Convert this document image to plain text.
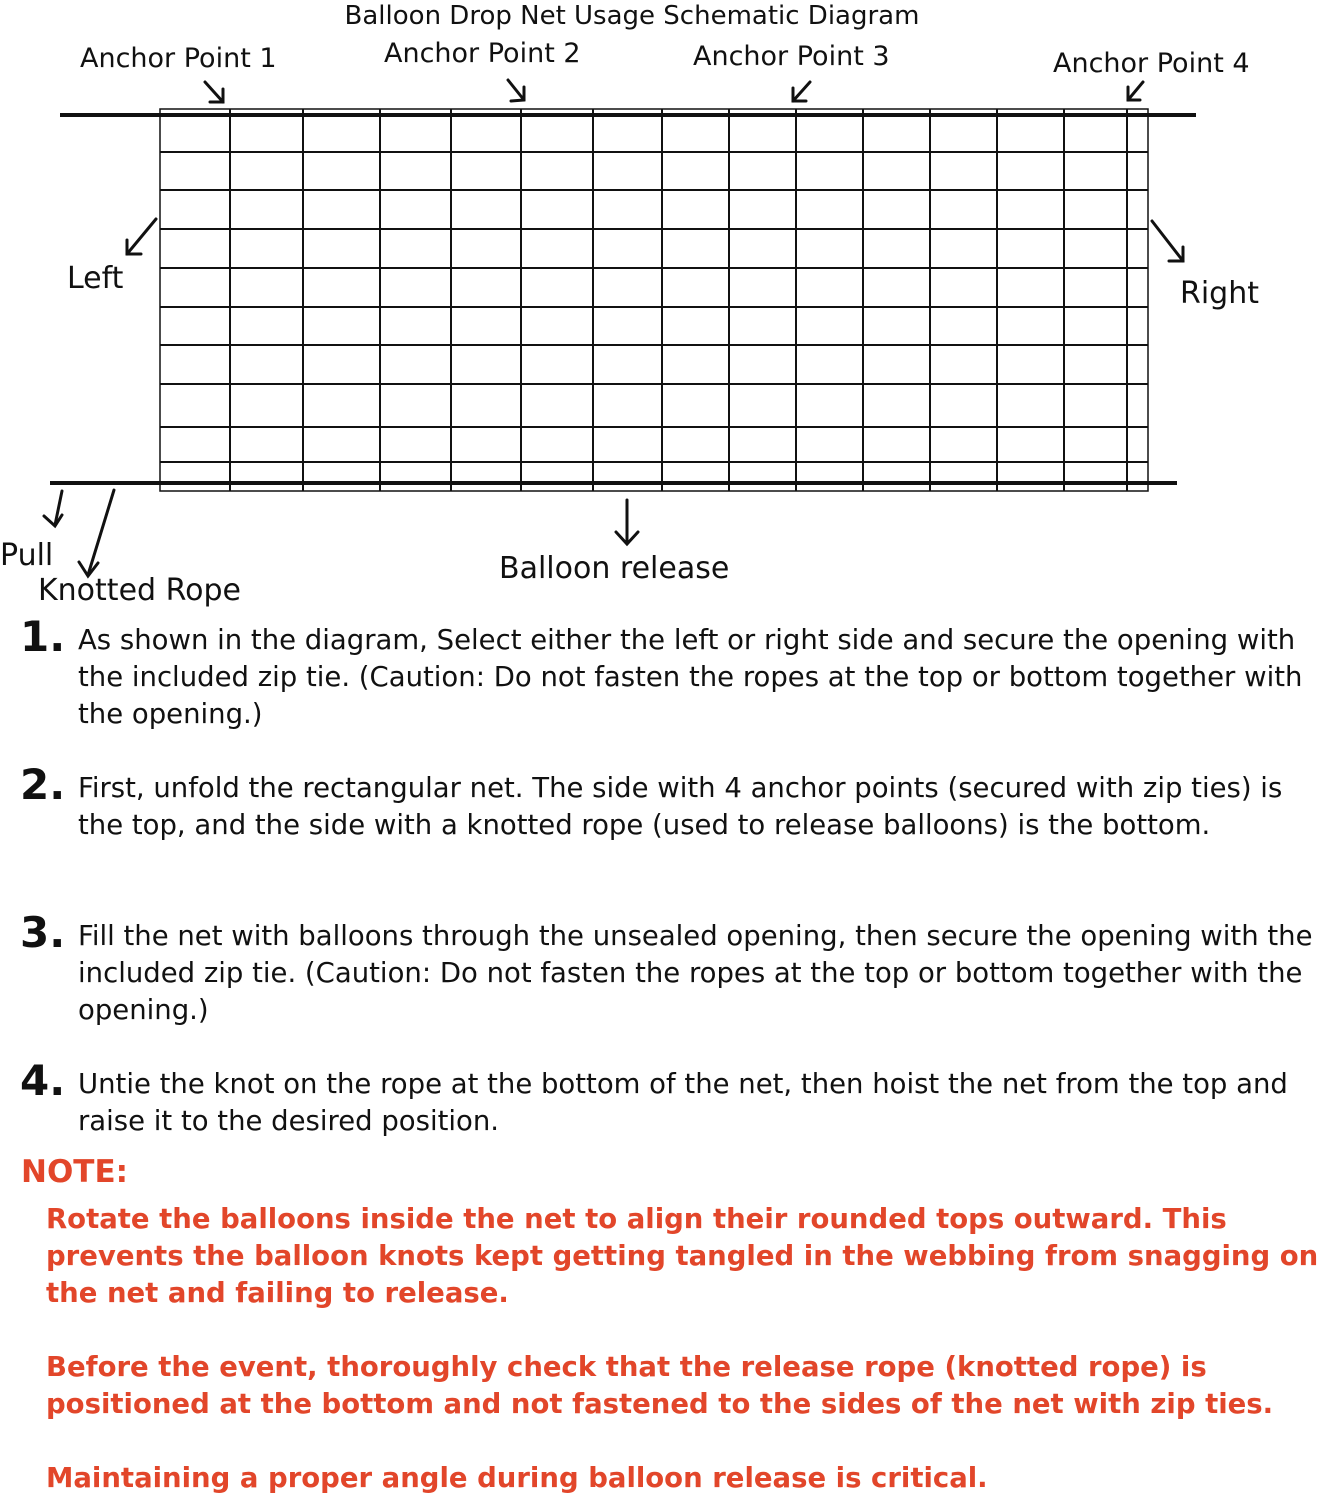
Balloon Drop Net Usage Schematic Diagram
Anchor Point 1	Anchor Point 2	Anchor Point 3	Anchor Point 4
Left	Right
Pull
Knotted Rope
Balloon release
1. As shown in the diagram, Select either the left or right side and secure the opening with the included zip tie. (Caution: Do not fasten the ropes at the top or bottom together with the opening.)
2. First, unfold the rectangular net. The side with 4 anchor points (secured with zip ties) is the top, and the side with a knotted rope (used to release balloons) is the bottom.
3. Fill the net with balloons through the unsealed opening, then secure the opening with the included zip tie. (Caution: Do not fasten the ropes at the top or bottom together with the opening.)
4. Untie the knot on the rope at the bottom of the net, then hoist the net from the top and raise it to the desired position.
NOTE:
Rotate the balloons inside the net to align their rounded tops outward. This prevents the balloon knots kept getting tangled in the webbing from snagging on the net and failing to release.
Before the event, thoroughly check that the release rope (knotted rope) is positioned at the bottom and not fastened to the sides of the net with zip ties.
Maintaining a proper angle during balloon release is critical.
